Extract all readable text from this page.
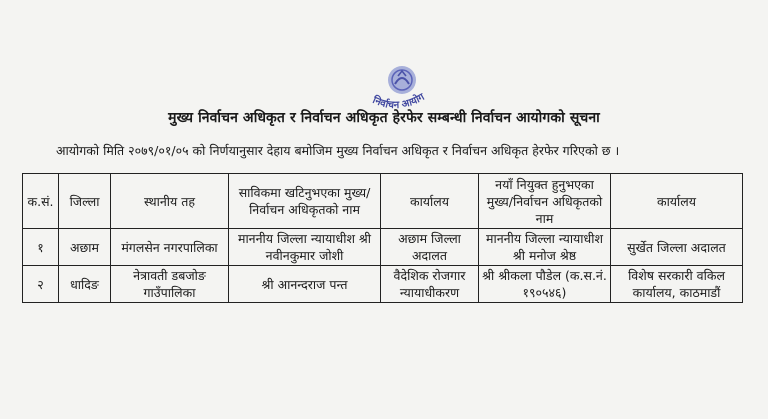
निर्वाचन आयोग
मुख्य निर्वाचन अधिकृत र निर्वाचन अधिकृत हेरफेर सम्बन्धी निर्वाचन आयोगको सूचना
आयोगको मिति २०७९/०१/०५ को निर्णयानुसार देहाय बमोजिम मुख्य निर्वाचन अधिकृत र निर्वाचन अधिकृत हेरफेर गरिएको छ ।
क.सं.	जिल्ला	स्थानीय तह	साविकमा खटिनुभएका मुख्य/निर्वाचन अधिकृतको नाम	कार्यालय	नयाँ नियुक्त हुनुभएका मुख्य/निर्वाचन अधिकृतको नाम	कार्यालय
१	अछाम	मंगलसेन नगरपालिका	माननीय जिल्ला न्यायाधीश श्री नवीनकुमार जोशी	अछाम जिल्ला अदालत	माननीय जिल्ला न्यायाधीश श्री मनोज श्रेष्ठ	सुर्खेत जिल्ला अदालत
२	धादिङ	नेत्रावती डबजोङ गाउँपालिका	श्री आनन्दराज पन्त	वैदेशिक रोजगार न्यायाधीकरण	श्री श्रीकला पौडेल (क.स.नं. १९०५४६)	विशेष सरकारी वकिल कार्यालय, काठमाडौं
